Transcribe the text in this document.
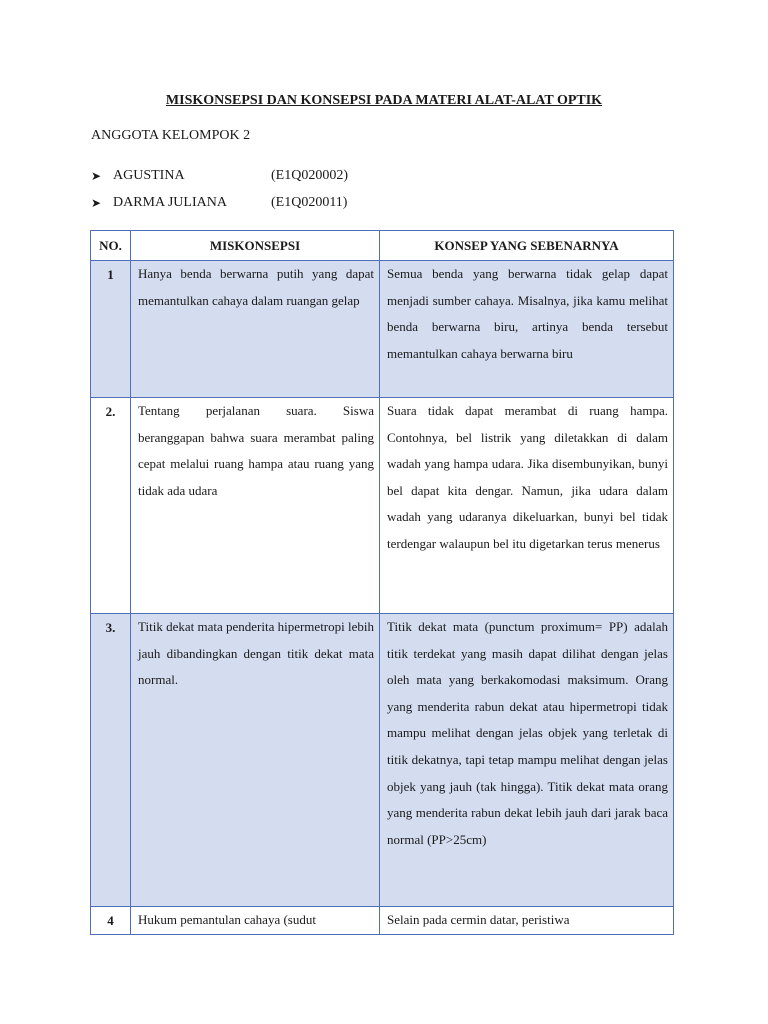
MISKONSEPSI DAN KONSEPSI PADA MATERI ALAT-ALAT OPTIK
ANGGOTA KELOMPOK 2
➤ AGUSTINA	(E1Q020002)
➤ DARMA JULIANA	(E1Q020011)
NO.	MISKONSEPSI	KONSEP YANG SEBENARNYA
1	Hanya benda berwarna putih yang dapat memantulkan cahaya dalam ruangan gelap	Semua benda yang berwarna tidak gelap dapat menjadi sumber cahaya. Misalnya, jika kamu melihat benda berwarna biru, artinya benda tersebut memantulkan cahaya berwarna biru
2.	Tentang perjalanan suara. Siswa beranggapan bahwa suara merambat paling cepat melalui ruang hampa atau ruang yang tidak ada udara	Suara tidak dapat merambat di ruang hampa. Contohnya, bel listrik yang diletakkan di dalam wadah yang hampa udara. Jika disembunyikan, bunyi bel dapat kita dengar. Namun, jika udara dalam wadah yang udaranya dikeluarkan, bunyi bel tidak terdengar walaupun bel itu digetarkan terus menerus
3.	Titik dekat mata penderita hipermetropi lebih jauh dibandingkan dengan titik dekat mata normal.	Titik dekat mata (punctum proximum= PP) adalah titik terdekat yang masih dapat dilihat dengan jelas oleh mata yang berkakomodasi maksimum. Orang yang menderita rabun dekat atau hipermetropi tidak mampu melihat dengan jelas objek yang terletak di titik dekatnya, tapi tetap mampu melihat dengan jelas objek yang jauh (tak hingga). Titik dekat mata orang yang menderita rabun dekat lebih jauh dari jarak baca normal (PP>25cm)
4	Hukum pemantulan cahaya (sudut	Selain pada cermin datar, peristiwa
